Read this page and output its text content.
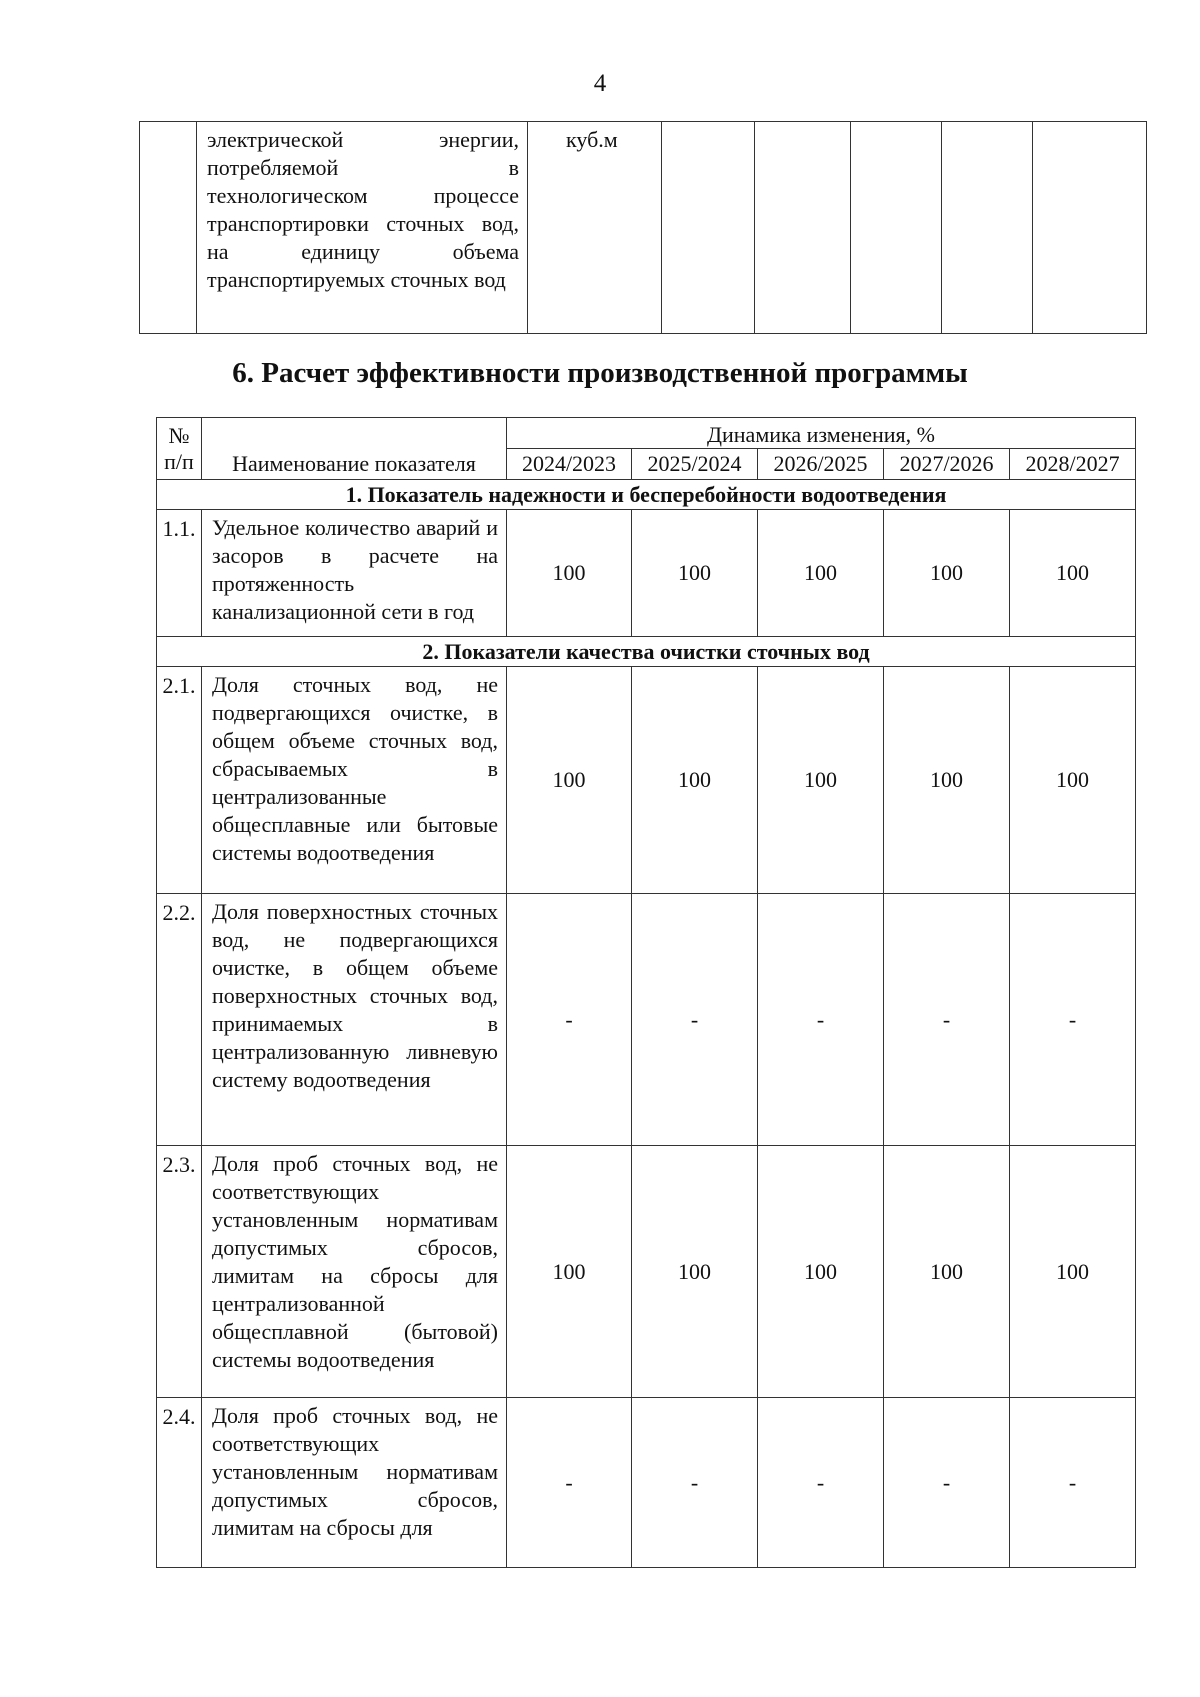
4
	электрической энергии, потребляемой в технологическом процессе транспортировки сточных вод, на единицу объема транспортируемых сточных вод	куб.м					
6. Расчет эффективности производственной программы
№ п/п	Наименование показателя	Динамика изменения, %				
		2024/2023	2025/2024	2026/2025	2027/2026	2028/2027
1. Показатель надежности и бесперебойности водоотведения						
1.1.	Удельное количество аварий и засоров в расчете на протяженность канализационной сети в год	100	100	100	100	100
2. Показатели качества очистки сточных вод						
2.1.	Доля сточных вод, не подвергающихся очистке, в общем объеме сточных вод, сбрасываемых в централизованные общесплавные или бытовые системы водоотведения	100	100	100	100	100
2.2.	Доля поверхностных сточных вод, не подвергающихся очистке, в общем объеме поверхностных сточных вод, принимаемых в централизованную ливневую систему водоотведения	-	-	-	-	-
2.3.	Доля проб сточных вод, не соответствующих установленным нормативам допустимых сбросов, лимитам на сбросы для централизованной общесплавной (бытовой) системы водоотведения	100	100	100	100	100
2.4.	Доля проб сточных вод, не соответствующих установленным нормативам допустимых сбросов, лимитам на сбросы для	-	-	-	-	-
